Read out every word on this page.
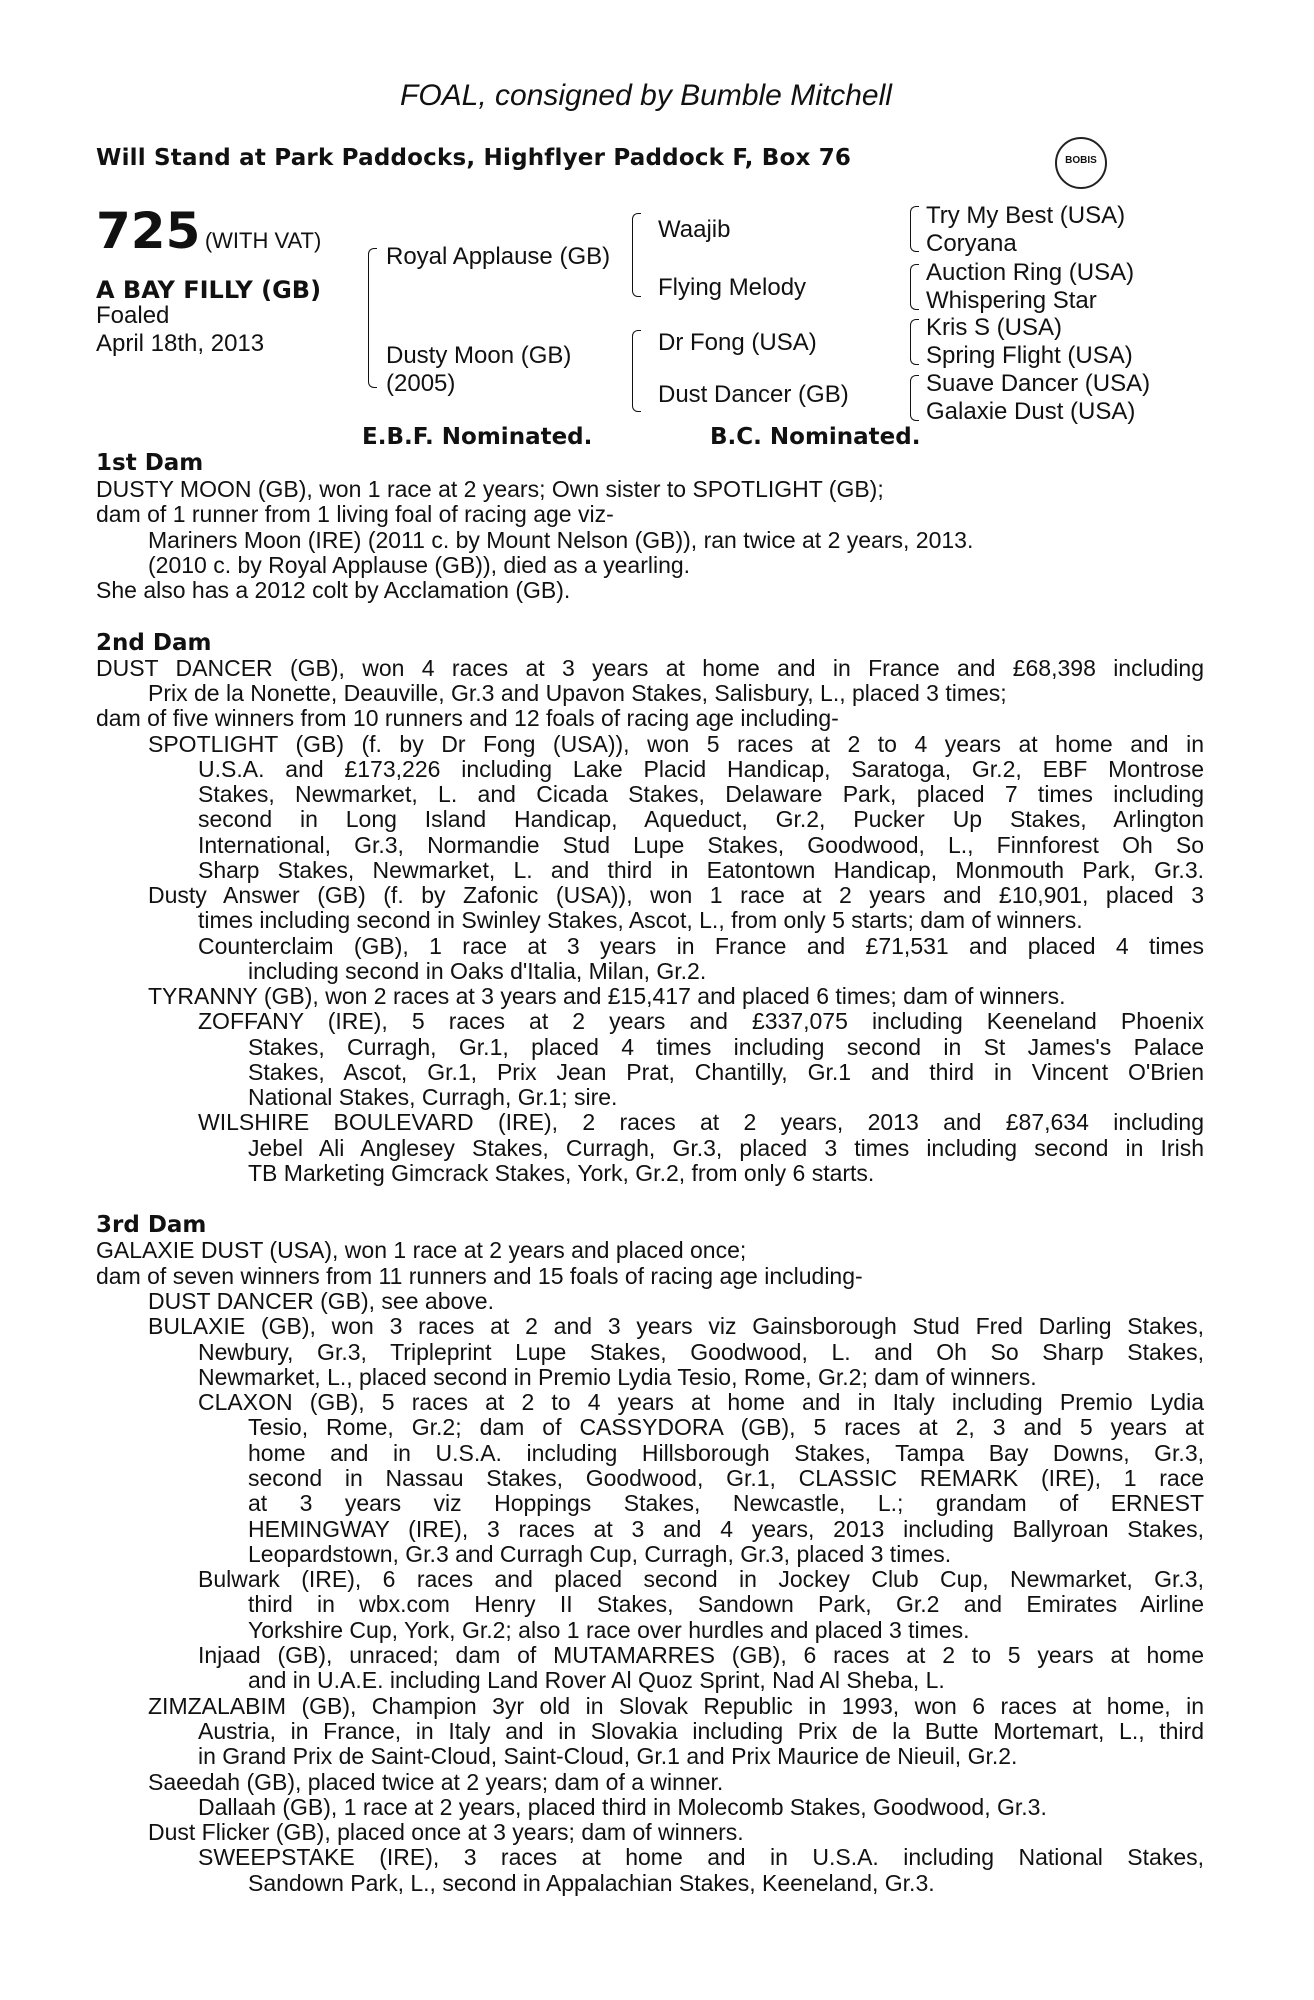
FOAL, consigned by Bumble Mitchell
Will Stand at Park Paddocks, Highflyer Paddock F, Box 76	BOBIS
725 (WITH VAT)
A BAY FILLY (GB)
Foaled
April 18th, 2013
Royal Applause (GB)
Dusty Moon (GB)
(2005)
Waajib
Flying Melody
Dr Fong (USA)
Dust Dancer (GB)
Try My Best (USA)
Coryana
Auction Ring (USA)
Whispering Star
Kris S (USA)
Spring Flight (USA)
Suave Dancer (USA)
Galaxie Dust (USA)
E.B.F. Nominated.	B.C. Nominated.
1st Dam
DUSTY MOON (GB), won 1 race at 2 years; Own sister to SPOTLIGHT (GB);
dam of 1 runner from 1 living foal of racing age viz-
Mariners Moon (IRE) (2011 c. by Mount Nelson (GB)), ran twice at 2 years, 2013.
(2010 c. by Royal Applause (GB)), died as a yearling.
She also has a 2012 colt by Acclamation (GB).
2nd Dam
DUST DANCER (GB), won 4 races at 3 years at home and in France and £68,398 including
Prix de la Nonette, Deauville, Gr.3 and Upavon Stakes, Salisbury, L., placed 3 times;
dam of five winners from 10 runners and 12 foals of racing age including-
SPOTLIGHT (GB) (f. by Dr Fong (USA)), won 5 races at 2 to 4 years at home and in
U.S.A. and £173,226 including Lake Placid Handicap, Saratoga, Gr.2, EBF Montrose
Stakes, Newmarket, L. and Cicada Stakes, Delaware Park, placed 7 times including
second in Long Island Handicap, Aqueduct, Gr.2, Pucker Up Stakes, Arlington
International, Gr.3, Normandie Stud Lupe Stakes, Goodwood, L., Finnforest Oh So
Sharp Stakes, Newmarket, L. and third in Eatontown Handicap, Monmouth Park, Gr.3.
Dusty Answer (GB) (f. by Zafonic (USA)), won 1 race at 2 years and £10,901, placed 3
times including second in Swinley Stakes, Ascot, L., from only 5 starts; dam of winners.
Counterclaim (GB), 1 race at 3 years in France and £71,531 and placed 4 times
including second in Oaks d'Italia, Milan, Gr.2.
TYRANNY (GB), won 2 races at 3 years and £15,417 and placed 6 times; dam of winners.
ZOFFANY (IRE), 5 races at 2 years and £337,075 including Keeneland Phoenix
Stakes, Curragh, Gr.1, placed 4 times including second in St James's Palace
Stakes, Ascot, Gr.1, Prix Jean Prat, Chantilly, Gr.1 and third in Vincent O'Brien
National Stakes, Curragh, Gr.1; sire.
WILSHIRE BOULEVARD (IRE), 2 races at 2 years, 2013 and £87,634 including
Jebel Ali Anglesey Stakes, Curragh, Gr.3, placed 3 times including second in Irish
TB Marketing Gimcrack Stakes, York, Gr.2, from only 6 starts.
3rd Dam
GALAXIE DUST (USA), won 1 race at 2 years and placed once;
dam of seven winners from 11 runners and 15 foals of racing age including-
DUST DANCER (GB), see above.
BULAXIE (GB), won 3 races at 2 and 3 years viz Gainsborough Stud Fred Darling Stakes,
Newbury, Gr.3, Tripleprint Lupe Stakes, Goodwood, L. and Oh So Sharp Stakes,
Newmarket, L., placed second in Premio Lydia Tesio, Rome, Gr.2; dam of winners.
CLAXON (GB), 5 races at 2 to 4 years at home and in Italy including Premio Lydia
Tesio, Rome, Gr.2; dam of CASSYDORA (GB), 5 races at 2, 3 and 5 years at
home and in U.S.A. including Hillsborough Stakes, Tampa Bay Downs, Gr.3,
second in Nassau Stakes, Goodwood, Gr.1, CLASSIC REMARK (IRE), 1 race
at 3 years viz Hoppings Stakes, Newcastle, L.; grandam of ERNEST
HEMINGWAY (IRE), 3 races at 3 and 4 years, 2013 including Ballyroan Stakes,
Leopardstown, Gr.3 and Curragh Cup, Curragh, Gr.3, placed 3 times.
Bulwark (IRE), 6 races and placed second in Jockey Club Cup, Newmarket, Gr.3,
third in wbx.com Henry II Stakes, Sandown Park, Gr.2 and Emirates Airline
Yorkshire Cup, York, Gr.2; also 1 race over hurdles and placed 3 times.
Injaad (GB), unraced; dam of MUTAMARRES (GB), 6 races at 2 to 5 years at home
and in U.A.E. including Land Rover Al Quoz Sprint, Nad Al Sheba, L.
ZIMZALABIM (GB), Champion 3yr old in Slovak Republic in 1993, won 6 races at home, in
Austria, in France, in Italy and in Slovakia including Prix de la Butte Mortemart, L., third
in Grand Prix de Saint-Cloud, Saint-Cloud, Gr.1 and Prix Maurice de Nieuil, Gr.2.
Saeedah (GB), placed twice at 2 years; dam of a winner.
Dallaah (GB), 1 race at 2 years, placed third in Molecomb Stakes, Goodwood, Gr.3.
Dust Flicker (GB), placed once at 3 years; dam of winners.
SWEEPSTAKE (IRE), 3 races at home and in U.S.A. including National Stakes,
Sandown Park, L., second in Appalachian Stakes, Keeneland, Gr.3.
